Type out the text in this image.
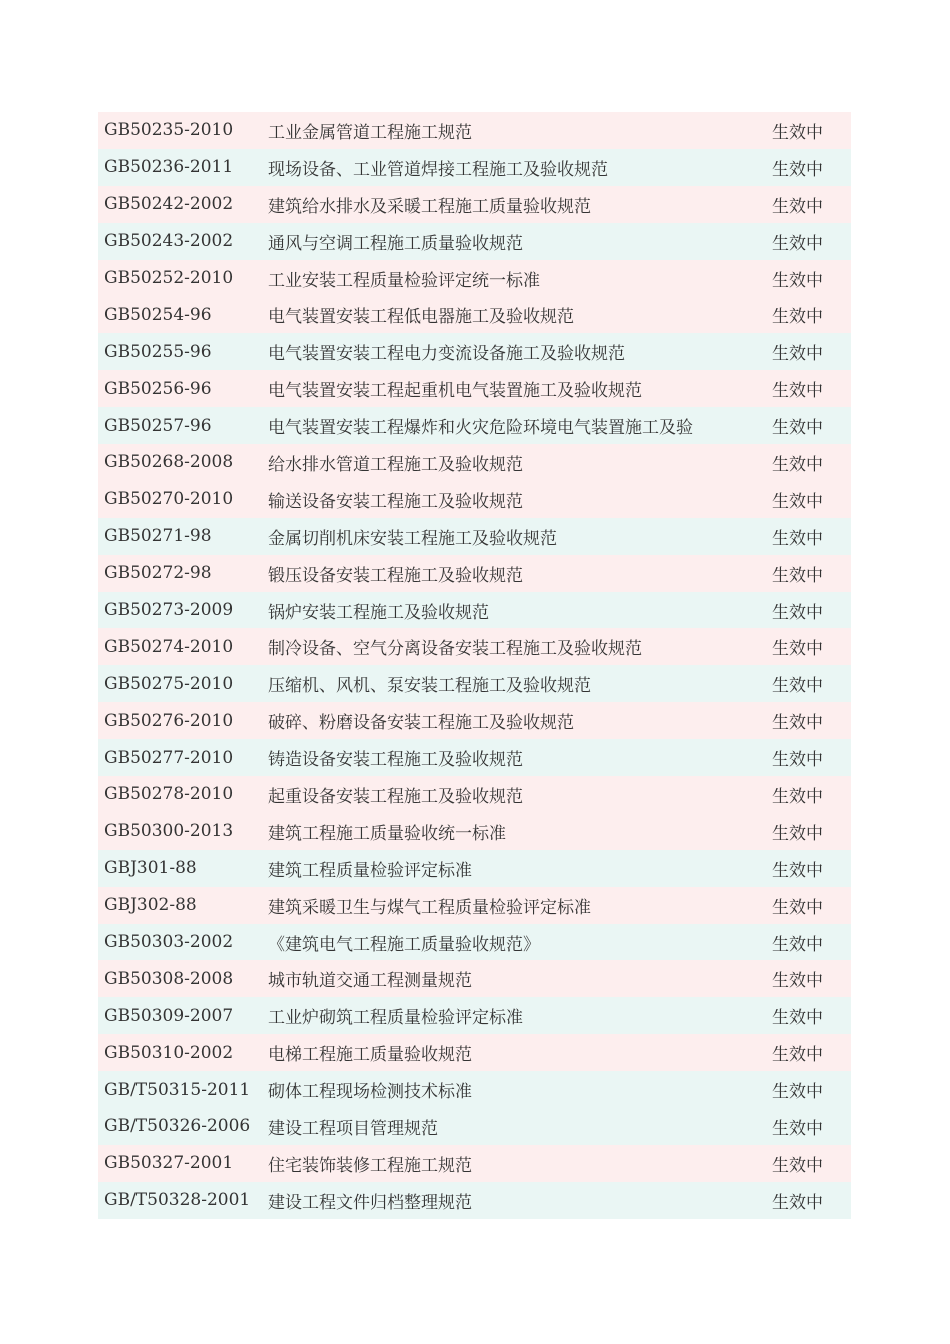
GB50235-2010	工业金属管道工程施工规范	生效中
GB50236-2011	现场设备、工业管道焊接工程施工及验收规范	生效中
GB50242-2002	建筑给水排水及采暖工程施工质量验收规范	生效中
GB50243-2002	通风与空调工程施工质量验收规范	生效中
GB50252-2010	工业安装工程质量检验评定统一标准	生效中
GB50254-96	电气装置安装工程低电器施工及验收规范	生效中
GB50255-96	电气装置安装工程电力变流设备施工及验收规范	生效中
GB50256-96	电气装置安装工程起重机电气装置施工及验收规范	生效中
GB50257-96	电气装置安装工程爆炸和火灾危险环境电气装置施工及验	生效中
GB50268-2008	给水排水管道工程施工及验收规范	生效中
GB50270-2010	输送设备安装工程施工及验收规范	生效中
GB50271-98	金属切削机床安装工程施工及验收规范	生效中
GB50272-98	锻压设备安装工程施工及验收规范	生效中
GB50273-2009	锅炉安装工程施工及验收规范	生效中
GB50274-2010	制冷设备、空气分离设备安装工程施工及验收规范	生效中
GB50275-2010	压缩机、风机、泵安装工程施工及验收规范	生效中
GB50276-2010	破碎、粉磨设备安装工程施工及验收规范	生效中
GB50277-2010	铸造设备安装工程施工及验收规范	生效中
GB50278-2010	起重设备安装工程施工及验收规范	生效中
GB50300-2013	建筑工程施工质量验收统一标准	生效中
GBJ301-88	建筑工程质量检验评定标准	生效中
GBJ302-88	建筑采暖卫生与煤气工程质量检验评定标准	生效中
GB50303-2002	《建筑电气工程施工质量验收规范》	生效中
GB50308-2008	城市轨道交通工程测量规范	生效中
GB50309-2007	工业炉砌筑工程质量检验评定标准	生效中
GB50310-2002	电梯工程施工质量验收规范	生效中
GB/T50315-2011	砌体工程现场检测技术标准	生效中
GB/T50326-2006	建设工程项目管理规范	生效中
GB50327-2001	住宅装饰装修工程施工规范	生效中
GB/T50328-2001	建设工程文件归档整理规范	生效中
